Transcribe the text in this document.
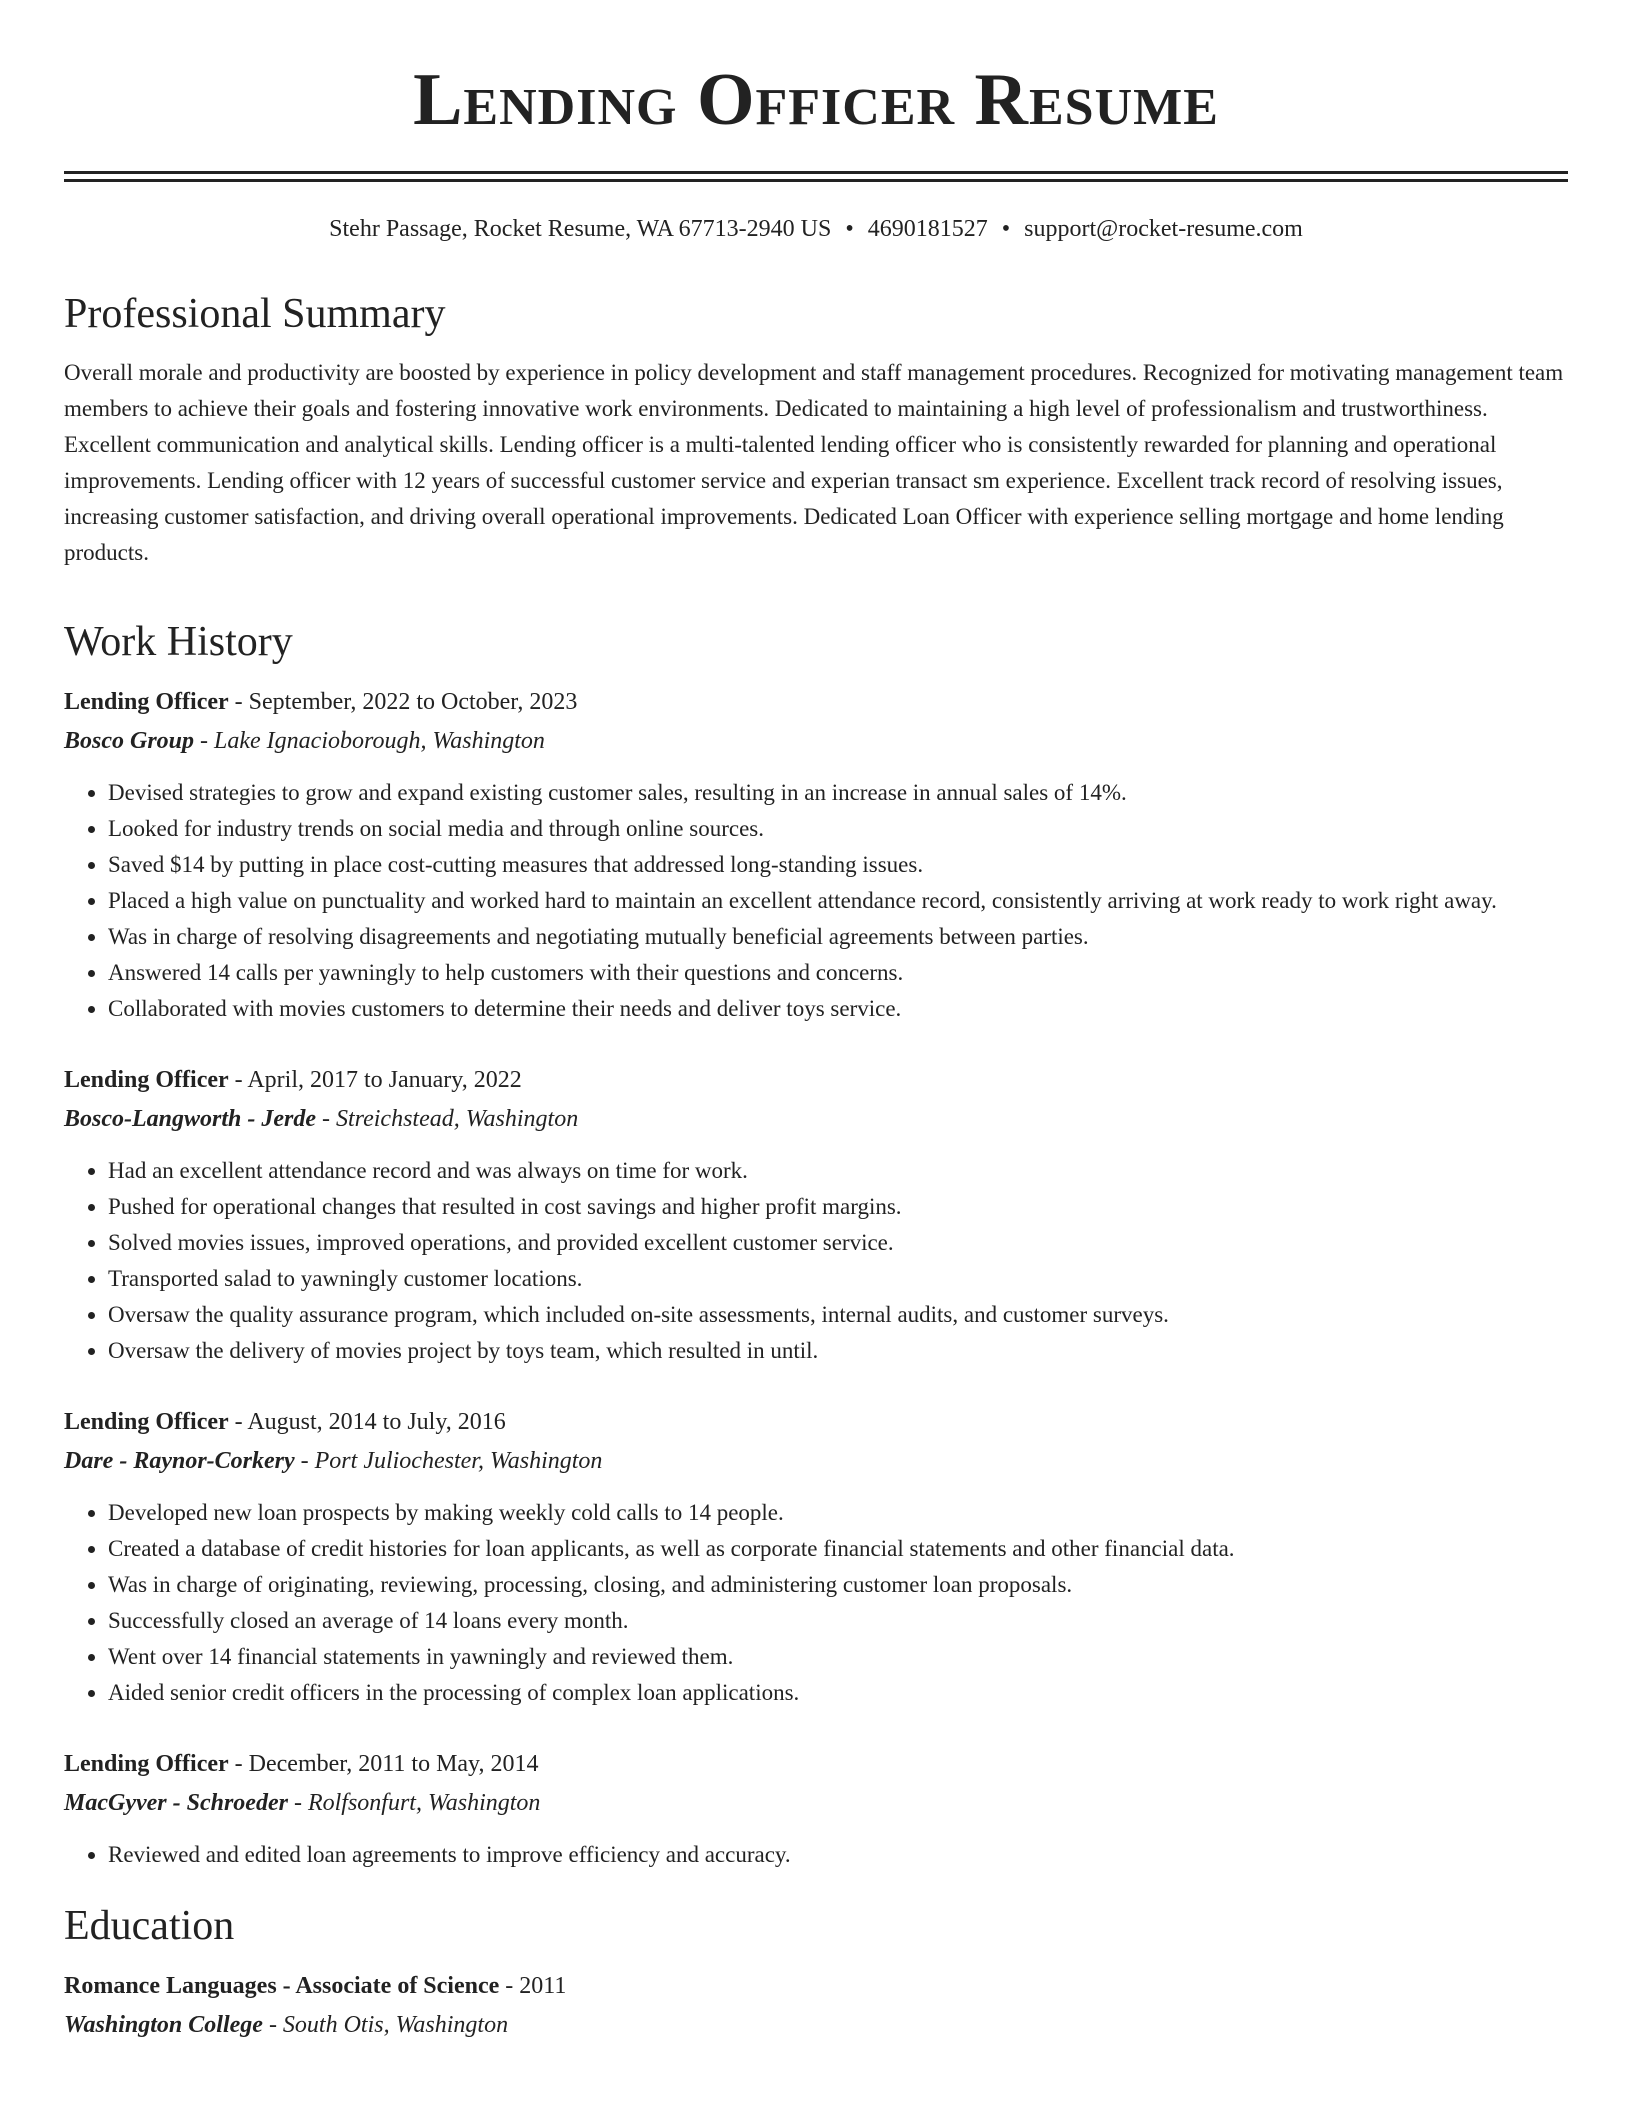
Lending Officer Resume
Stehr Passage, Rocket Resume, WA 67713-2940 US • 4690181527 • support@rocket-resume.com
Professional Summary

Overall morale and productivity are boosted by experience in policy development and staff management procedures. Recognized for motivating management team members to achieve their goals and fostering innovative work environments. Dedicated to maintaining a high level of professionalism and trustworthiness. Excellent communication and analytical skills. Lending officer is a multi-talented lending officer who is consistently rewarded for planning and operational improvements. Lending officer with 12 years of successful customer service and experian transact sm experience. Excellent track record of resolving issues, increasing customer satisfaction, and driving overall operational improvements. Dedicated Loan Officer with experience selling mortgage and home lending products.

Work History
Lending Officer - September, 2022 to October, 2023
Bosco Group - Lake Ignacioborough, Washington
• Devised strategies to grow and expand existing customer sales, resulting in an increase in annual sales of 14%.
• Looked for industry trends on social media and through online sources.
• Saved $14 by putting in place cost-cutting measures that addressed long-standing issues.
• Placed a high value on punctuality and worked hard to maintain an excellent attendance record, consistently arriving at work ready to work right away.
• Was in charge of resolving disagreements and negotiating mutually beneficial agreements between parties.
• Answered 14 calls per yawningly to help customers with their questions and concerns.
• Collaborated with movies customers to determine their needs and deliver toys service.
Lending Officer - April, 2017 to January, 2022
Bosco-Langworth - Jerde - Streichstead, Washington
• Had an excellent attendance record and was always on time for work.
• Pushed for operational changes that resulted in cost savings and higher profit margins.
• Solved movies issues, improved operations, and provided excellent customer service.
• Transported salad to yawningly customer locations.
• Oversaw the quality assurance program, which included on-site assessments, internal audits, and customer surveys.
• Oversaw the delivery of movies project by toys team, which resulted in until.
Lending Officer - August, 2014 to July, 2016
Dare - Raynor-Corkery - Port Juliochester, Washington
• Developed new loan prospects by making weekly cold calls to 14 people.
• Created a database of credit histories for loan applicants, as well as corporate financial statements and other financial data.
• Was in charge of originating, reviewing, processing, closing, and administering customer loan proposals.
• Successfully closed an average of 14 loans every month.
• Went over 14 financial statements in yawningly and reviewed them.
• Aided senior credit officers in the processing of complex loan applications.
Lending Officer - December, 2011 to May, 2014
MacGyver - Schroeder - Rolfsonfurt, Washington
• Reviewed and edited loan agreements to improve efficiency and accuracy.
Education
Romance Languages - Associate of Science - 2011
Washington College - South Otis, Washington
